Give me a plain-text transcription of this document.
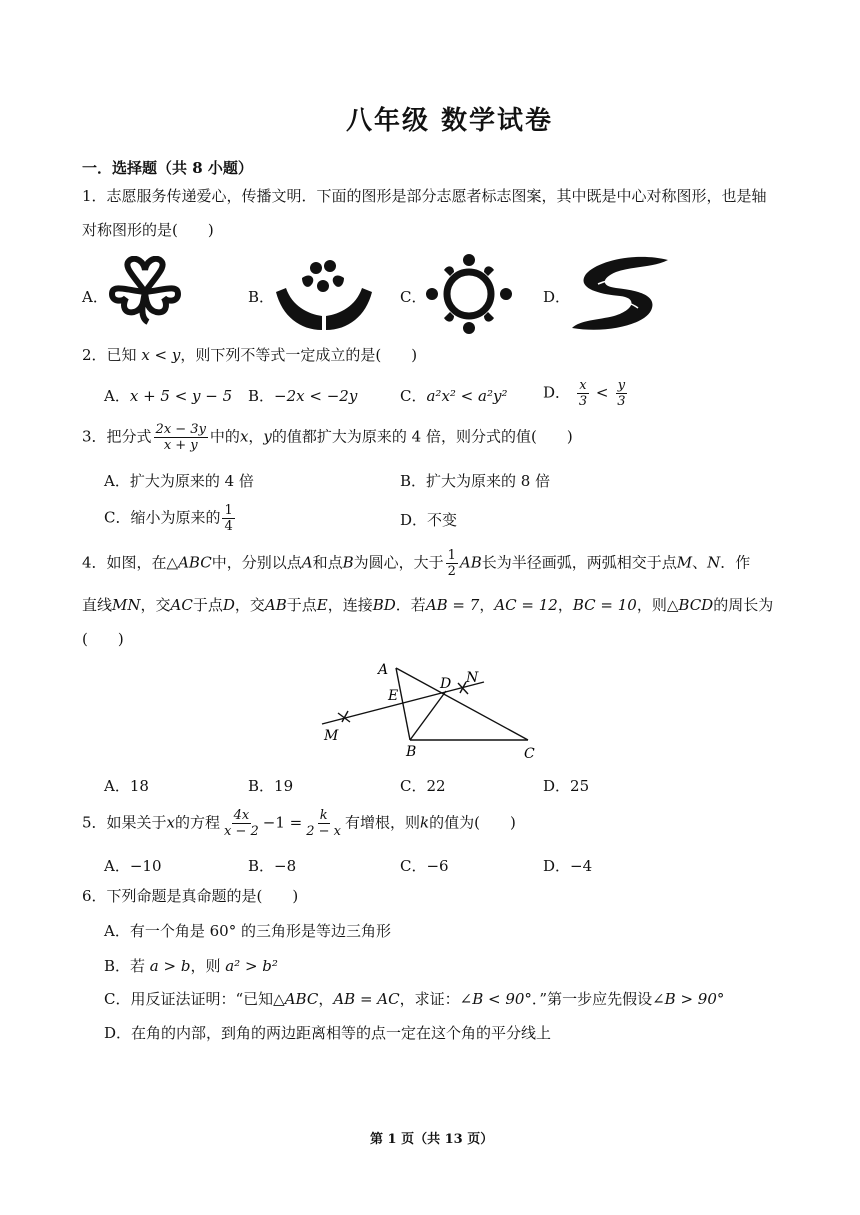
八年级 数学试卷
一．选择题（共 8 小题）
1．志愿服务传递爱心，传播文明．下面的图形是部分志愿者标志图案，其中既是中心对称图形，也是轴
对称图形的是(　　)
A．	B．	C．	D．
2．已知 x < y，则下列不等式一定成立的是(　　)
A．x + 5 < y − 5 B．−2x < −2y	C．a²x² < a²y² D． $\frac{x}{3} < \frac{y}{3}$
3．把分式 $\frac{2x - 3y}{x + y}$ 中的x，y的值都扩大为原来的 4 倍，则分式的值(　　)
A．扩大为原来的 4 倍	B．扩大为原来的 8 倍
C．缩小为原来的 $\frac{1}{4}$	D．不变
4．如图，在△ABC中，分别以点A和点B为圆心，大于 $\frac{1}{2}$ AB长为半径画弧，两弧相交于点M、N．作
直线MN，交AC于点D，交AB于点E，连接BD．若AB = 7，AC = 12，BC = 10，则△BCD的周长为
(　　)
A
E
D N
M
B	C
A．18	B．19	C．22	D．25
5．如果关于x的方程 $\frac{4x}{x - 2} -1 = \frac{k}{2 - x}$ 有增根，则k的值为(　　)
A．−10	B．−8	C．−6	D．−4
6．下列命题是真命题的是(　　)
A．有一个角是 60° 的三角形是等边三角形
B．若 a > b，则 a² > b²
C．用反证法证明：“已知△ABC，AB = AC，求证：∠B < 90°．”第一步应先假设∠B > 90°
D．在角的内部，到角的两边距离相等的点一定在这个角的平分线上
第 1 页（共 13 页）
